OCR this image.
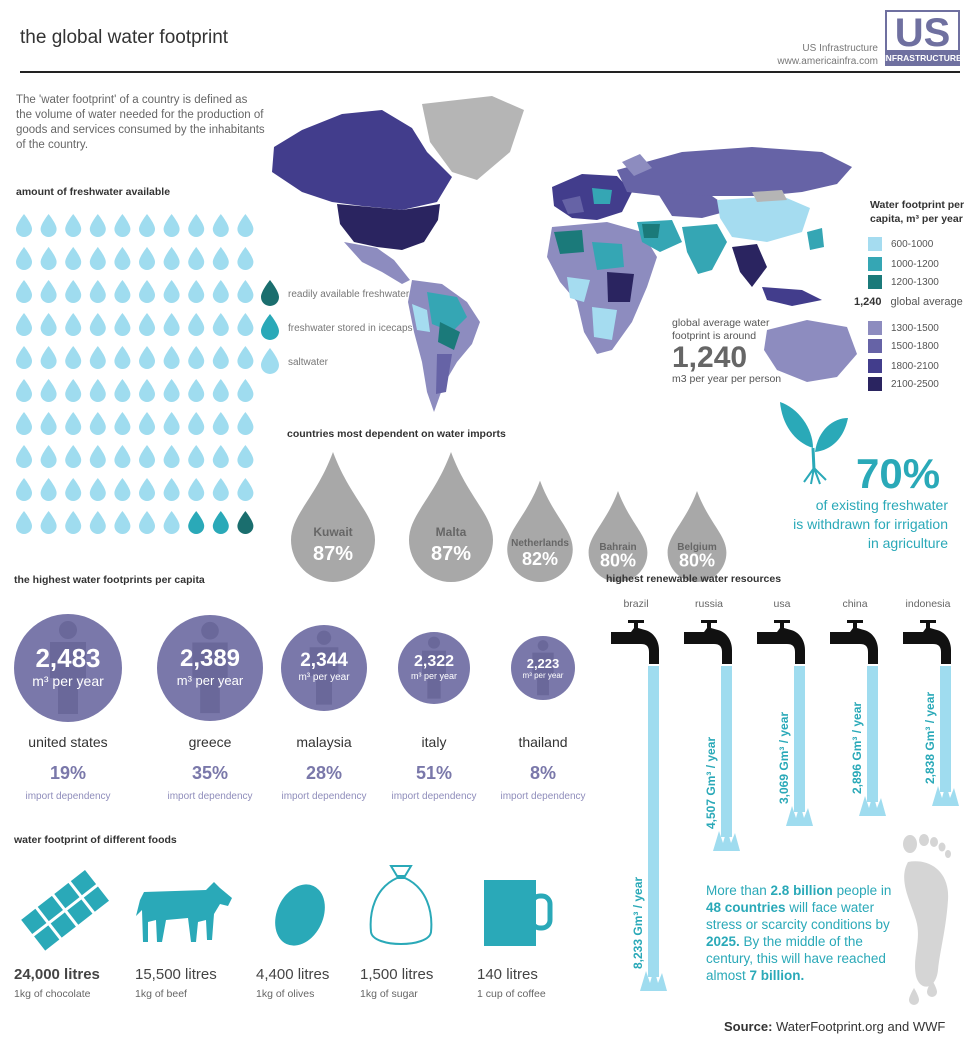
the global water footprint
US Infrastructure
www.americainfra.com
US
INFRASTRUCTURE
The 'water footprint' of a country is defined as the volume of water needed for the production of goods and services consumed by the inhabitants of the country.
amount of freshwater available
readily available freshwater
freshwater stored in icecaps
saltwater
global average water
footprint is around
1,240
m3 per year per person
Water footprint per
capita, m³ per year
600-1000
1000-1200
1200-1300
1,240 global average
1300-1500
1500-1800
1800-2100
2100-2500
countries most dependent on water imports
Kuwait
87%
Malta
87%	Netherlands
82%
Bahrain
80%
Belgium
80%
70%
of existing freshwater
is withdrawn for irrigation
in agriculture
the highest water footprints per capita
2,483
m³ per year
united states
19%
import dependency
2,389
m³ per year
greece
35%
import dependency
2,344
m³ per year
malaysia
28%
import dependency
2,322
m³ per year
italy
51%
import dependency
2,223
m³ per year
thailand
8%
import dependency
highest renewable water resources
brazil
8,233 Gm³ / year
russia
4,507 Gm³ / year
usa
3,069 Gm³ / year
china
2,896 Gm³ / year
indonesia
2,838 Gm³ / year
More than 2.8 billion people in 48 countries will face water stress or scarcity conditions by 2025. By the middle of the century, this will have reached almost 7 billion.
water footprint of different foods
24,000 litres
1kg of chocolate
15,500 litres
1kg of beef
4,400 litres
1kg of olives
1,500 litres
1kg of sugar
140 litres
1 cup of coffee
Source: WaterFootprint.org and WWF
